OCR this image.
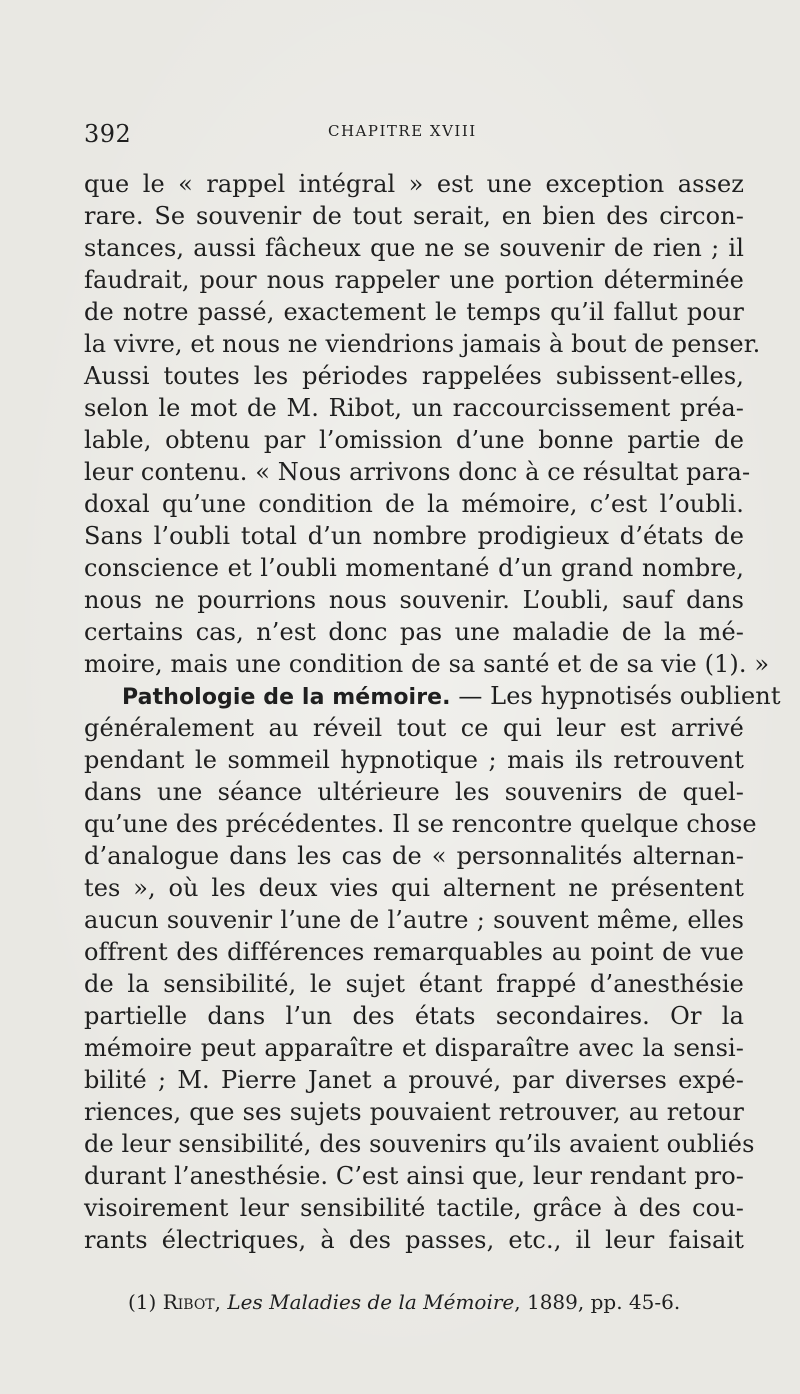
392	CHAPITRE XVIII
que le « rappel intégral » est une exception assez
rare. Se souvenir de tout serait, en bien des circon-
stances, aussi fâcheux que ne se souvenir de rien ; il
faudrait, pour nous rappeler une portion déterminée
de notre passé, exactement le temps qu’il fallut pour
la vivre, et nous ne viendrions jamais à bout de penser.
Aussi toutes les périodes rappelées subissent-elles,
selon le mot de M. Ribot, un raccourcissement préa-
lable, obtenu par l’omission d’une bonne partie de
leur contenu. « Nous arrivons donc à ce résultat para-
doxal qu’une condition de la mémoire, c’est l’oubli.
Sans l’oubli total d’un nombre prodigieux d’états de
conscience et l’oubli momentané d’un grand nombre,
nous ne pourrions nous souvenir. L’oubli, sauf dans
certains cas, n’est donc pas une maladie de la mé-
moire, mais une condition de sa santé et de sa vie (1). »
Pathologie de la mémoire. — Les hypnotisés oublient
généralement au réveil tout ce qui leur est arrivé
pendant le sommeil hypnotique ; mais ils retrouvent
dans une séance ultérieure les souvenirs de quel-
qu’une des précédentes. Il se rencontre quelque chose
d’analogue dans les cas de « personnalités alternan-
tes », où les deux vies qui alternent ne présentent
aucun souvenir l’une de l’autre ; souvent même, elles
offrent des différences remarquables au point de vue
de la sensibilité, le sujet étant frappé d’anesthésie
partielle dans l’un des états secondaires. Or la
mémoire peut apparaître et disparaître avec la sensi-
bilité ; M. Pierre Janet a prouvé, par diverses expé-
riences, que ses sujets pouvaient retrouver, au retour
de leur sensibilité, des souvenirs qu’ils avaient oubliés
durant l’anesthésie. C’est ainsi que, leur rendant pro-
visoirement leur sensibilité tactile, grâce à des cou-
rants électriques, à des passes, etc., il leur faisait
(1) Ribot, Les Maladies de la Mémoire, 1889, pp. 45-6.
